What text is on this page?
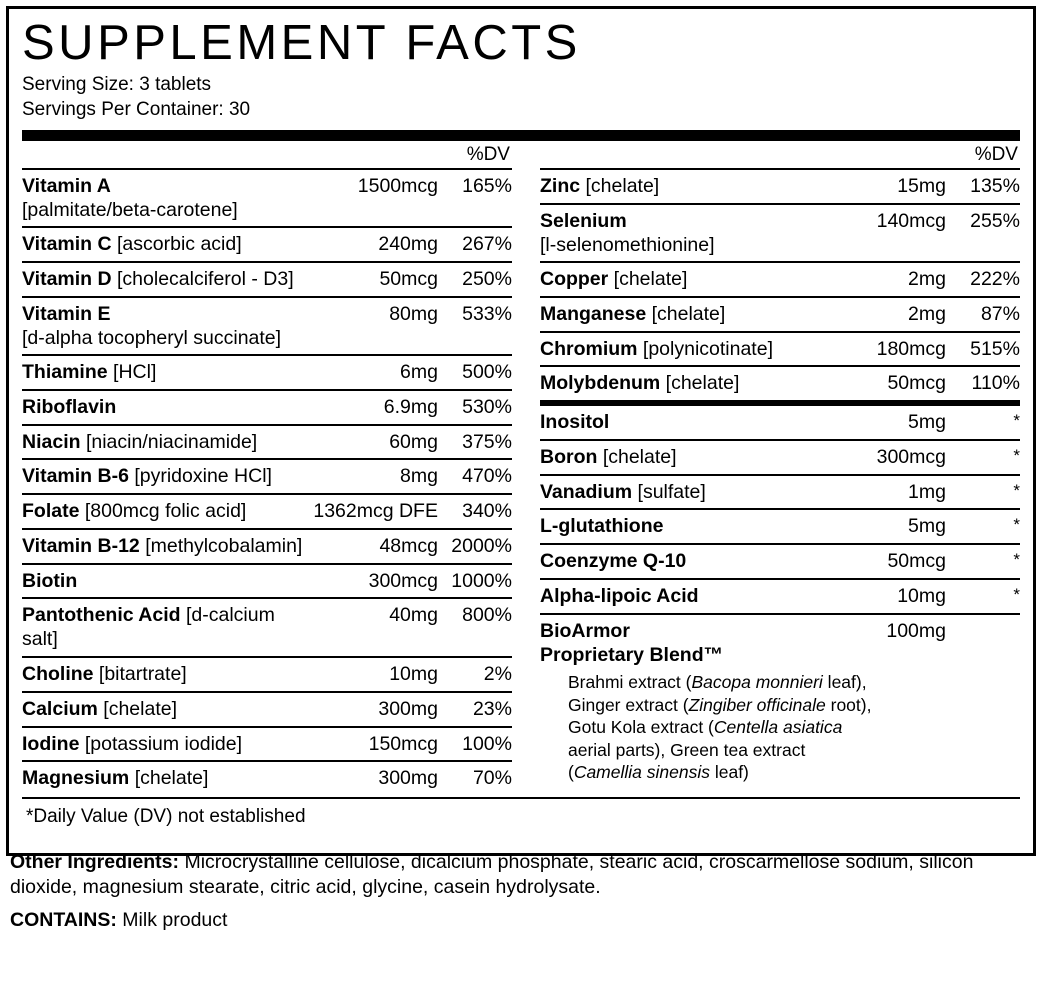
SUPPLEMENT FACTS
Serving Size: 3 tablets
Servings Per Container: 30
%DV
Vitamin A
[palmitate/beta-carotene]	1500mcg	165%
Vitamin C [ascorbic acid]	240mg	267%
Vitamin D [cholecalciferol - D3]	50mcg	250%
Vitamin E
[d-alpha tocopheryl succinate]	80mg	533%
Thiamine [HCl]	6mg	500%
Riboflavin	6.9mg	530%
Niacin [niacin/niacinamide]	60mg	375%
Vitamin B-6 [pyridoxine HCl]	8mg	470%
Folate [800mcg folic acid]	1362mcg DFE	340%
Vitamin B-12 [methylcobalamin]	48mcg	2000%
Biotin	300mcg	1000%
Pantothenic Acid [d-calcium salt]	40mg	800%
Choline [bitartrate]	10mg	2%
Calcium [chelate]	300mg	23%
Iodine [potassium iodide]	150mcg	100%
Magnesium [chelate]	300mg	70%
%DV
Zinc [chelate]	15mg	135%
Selenium
[l-selenomethionine]	140mcg	255%
Copper [chelate]	2mg	222%
Manganese [chelate]	2mg	87%
Chromium [polynicotinate]	180mcg	515%
Molybdenum [chelate]	50mcg	110%
Inositol	5mg	*
Boron [chelate]	300mcg	*
Vanadium [sulfate]	1mg	*
L-glutathione	5mg	*
Coenzyme Q-10	50mcg	*
Alpha-lipoic Acid	10mg	*
BioArmor
Proprietary Blend™
Brahmi extract (Bacopa monnieri leaf), Ginger extract (Zingiber officinale root), Gotu Kola extract (Centella asiatica aerial parts), Green tea extract (Camellia sinensis leaf)	100mg	
*Daily Value (DV) not established
Other Ingredients: Microcrystalline cellulose, dicalcium phosphate, stearic acid, croscarmellose sodium, silicon dioxide, magnesium stearate, citric acid, glycine, casein hydrolysate.
CONTAINS: Milk product
